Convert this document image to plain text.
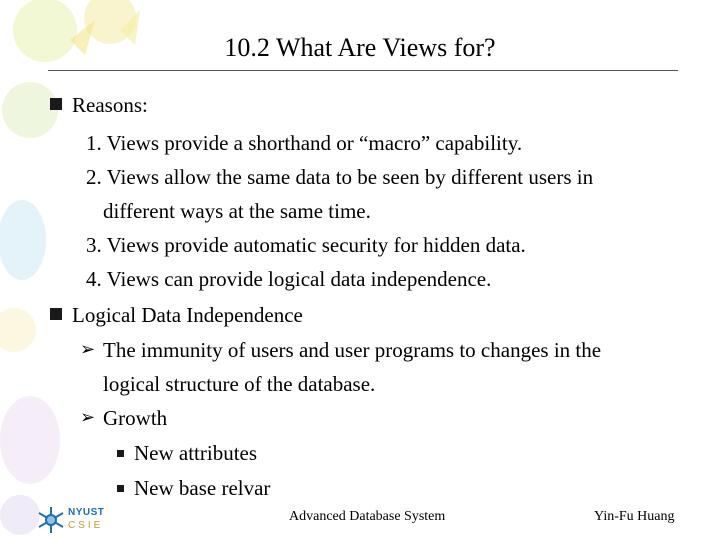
10.2 What Are Views for?
Reasons:
1. Views provide a shorthand or “macro” capability.
2. Views allow the same data to be seen by different users in
different ways at the same time.
3. Views provide automatic security for hidden data.
4. Views can provide logical data independence.
Logical Data Independence
➢ The immunity of users and user programs to changes in the
logical structure of the database.
➢ Growth
New attributes
New base relvar
NYUST
CSIE
Advanced Database System	Yin-Fu Huang
